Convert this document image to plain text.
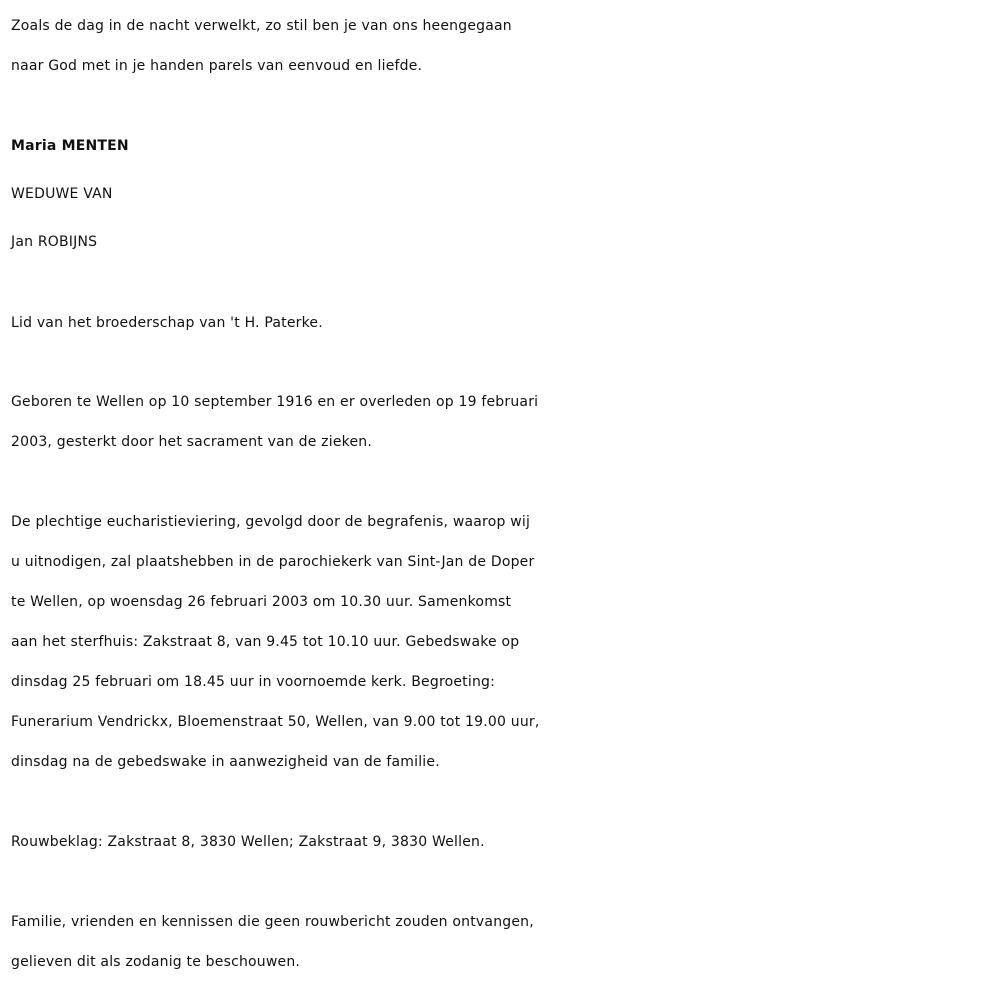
Zoals de dag in de nacht verwelkt, zo stil ben je van ons heengegaan
naar God met in je handen parels van eenvoud en liefde.
Maria MENTEN
WEDUWE VAN
Jan ROBIJNS
Lid van het broederschap van 't H. Paterke.
Geboren te Wellen op 10 september 1916 en er overleden op 19 februari
2003, gesterkt door het sacrament van de zieken.
De plechtige eucharistieviering, gevolgd door de begrafenis, waarop wij
u uitnodigen, zal plaatshebben in de parochiekerk van Sint-Jan de Doper
te Wellen, op woensdag 26 februari 2003 om 10.30 uur. Samenkomst
aan het sterfhuis: Zakstraat 8, van 9.45 tot 10.10 uur. Gebedswake op
dinsdag 25 februari om 18.45 uur in voornoemde kerk. Begroeting:
Funerarium Vendrickx, Bloemenstraat 50, Wellen, van 9.00 tot 19.00 uur,
dinsdag na de gebedswake in aanwezigheid van de familie.
Rouwbeklag: Zakstraat 8, 3830 Wellen; Zakstraat 9, 3830 Wellen.
Familie, vrienden en kennissen die geen rouwbericht zouden ontvangen,
gelieven dit als zodanig te beschouwen.
